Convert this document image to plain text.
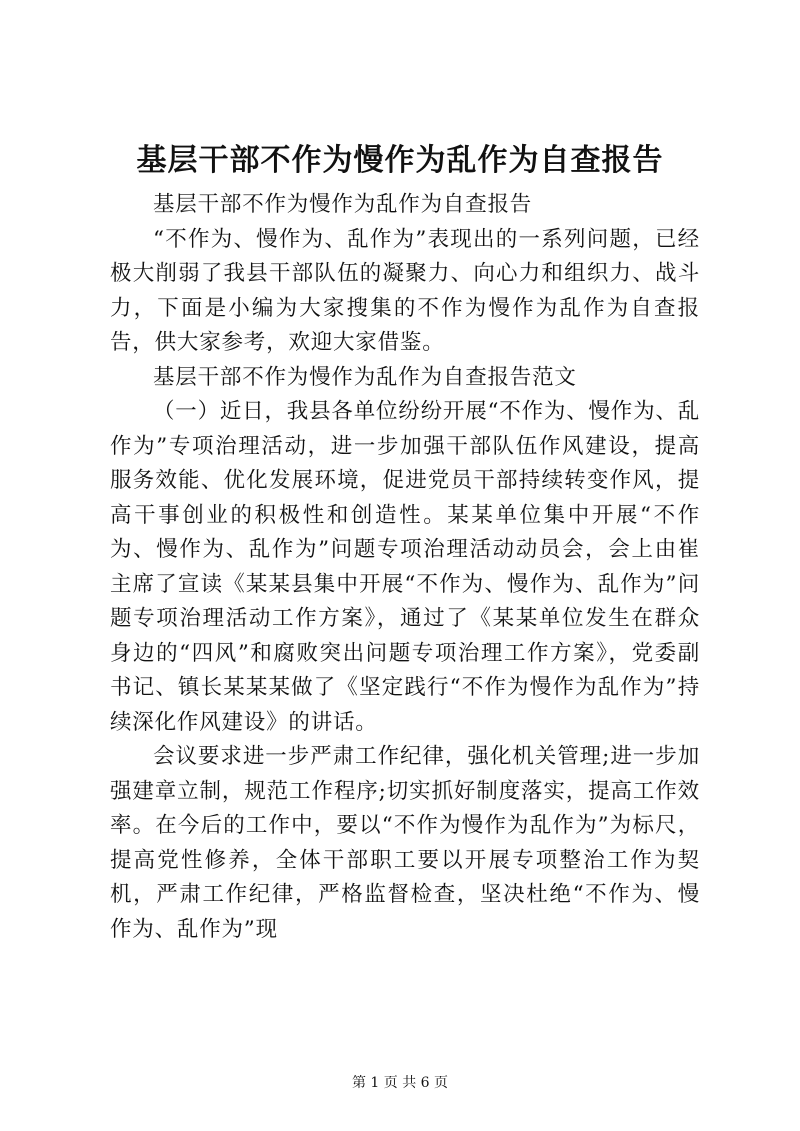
基层干部不作为慢作为乱作为自查报告

基层干部不作为慢作为乱作为自查报告

“不作为、慢作为、乱作为”表现出的一系列问题，已经极大削弱了我县干部队伍的凝聚力、向心力和组织力、战斗力，下面是小编为大家搜集的不作为慢作为乱作为自查报告，供大家参考，欢迎大家借鉴。

基层干部不作为慢作为乱作为自查报告范文

（一）近日，我县各单位纷纷开展“不作为、慢作为、乱作为”专项治理活动，进一步加强干部队伍作风建设，提高服务效能、优化发展环境，促进党员干部持续转变作风，提高干事创业的积极性和创造性。某某单位集中开展“不作为、慢作为、乱作为”问题专项治理活动动员会，会上由崔主席了宣读《某某县集中开展“不作为、慢作为、乱作为”问题专项治理活动工作方案》，通过了《某某单位发生在群众身边的“四风”和腐败突出问题专项治理工作方案》，党委副书记、镇长某某某做了《坚定践行“不作为慢作为乱作为”持续深化作风建设》的讲话。

会议要求进一步严肃工作纪律，强化机关管理;进一步加强建章立制，规范工作程序;切实抓好制度落实，提高工作效率。在今后的工作中，要以“不作为慢作为乱作为”为标尺，提高党性修养，全体干部职工要以开展专项整治工作为契机，严肃工作纪律，严格监督检查，坚决杜绝“不作为、慢作为、乱作为”现

第 1 页 共 6 页
